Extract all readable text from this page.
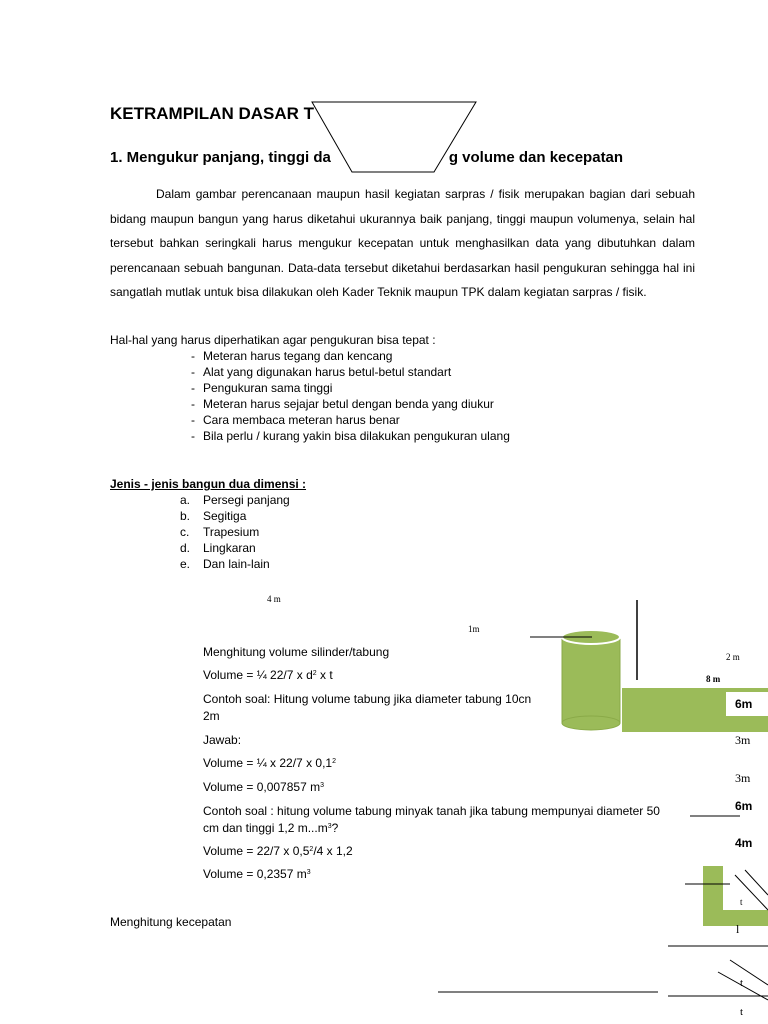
KETRAMPILAN DASAR T
1. Mengukur panjang, tinggi da	g volume dan kecepatan
Dalam gambar perencanaan maupun hasil kegiatan sarpras / fisik merupakan bagian dari sebuah bidang maupun bangun yang harus diketahui ukurannya baik panjang, tinggi maupun volumenya, selain hal tersebut bahkan seringkali harus mengukur kecepatan untuk menghasilkan data yang dibutuhkan dalam perencanaan sebuah bangunan. Data-data tersebut diketahui berdasarkan hasil pengukuran sehingga hal ini sangatlah mutlak untuk bisa dilakukan oleh Kader Teknik maupun TPK dalam kegiatan sarpras / fisik.
Hal-hal yang harus diperhatikan agar pengukuran bisa tepat :
- Meteran harus tegang dan kencang
- Alat yang digunakan harus betul-betul standart
- Pengukuran sama tinggi
- Meteran harus sejajar betul dengan benda yang diukur
- Cara membaca meteran harus benar
- Bila perlu / kurang yakin bisa dilakukan pengukuran ulang
Jenis - jenis bangun dua dimensi :
a.	Persegi panjang
b.	Segitiga
c.	Trapesium
d.	Lingkaran
e.	Dan lain-lain
4 m
1m
Menghitung volume silinder/tabung
Volume = ¼ 22/7 x $d^2$ x t
Contoh soal: Hitung volume tabung jika diameter tabung 10cn
2m
Jawab:
Volume = ¼ x 22/7 x $0,1^2$
Volume = 0,007857 $m^3$
Contoh soal : hitung volume tabung minyak tanah jika tabung mempunyai diameter 50
cm dan tinggi 1,2 $m...m^3$?
Volume = 22/7 x $0,5^2/4$ x 1,2
Volume = 0,2357 $m^3$
Menghitung kecepatan
2 m
8 m
6m
3m
3m
6m
4m
t
l
t
t
